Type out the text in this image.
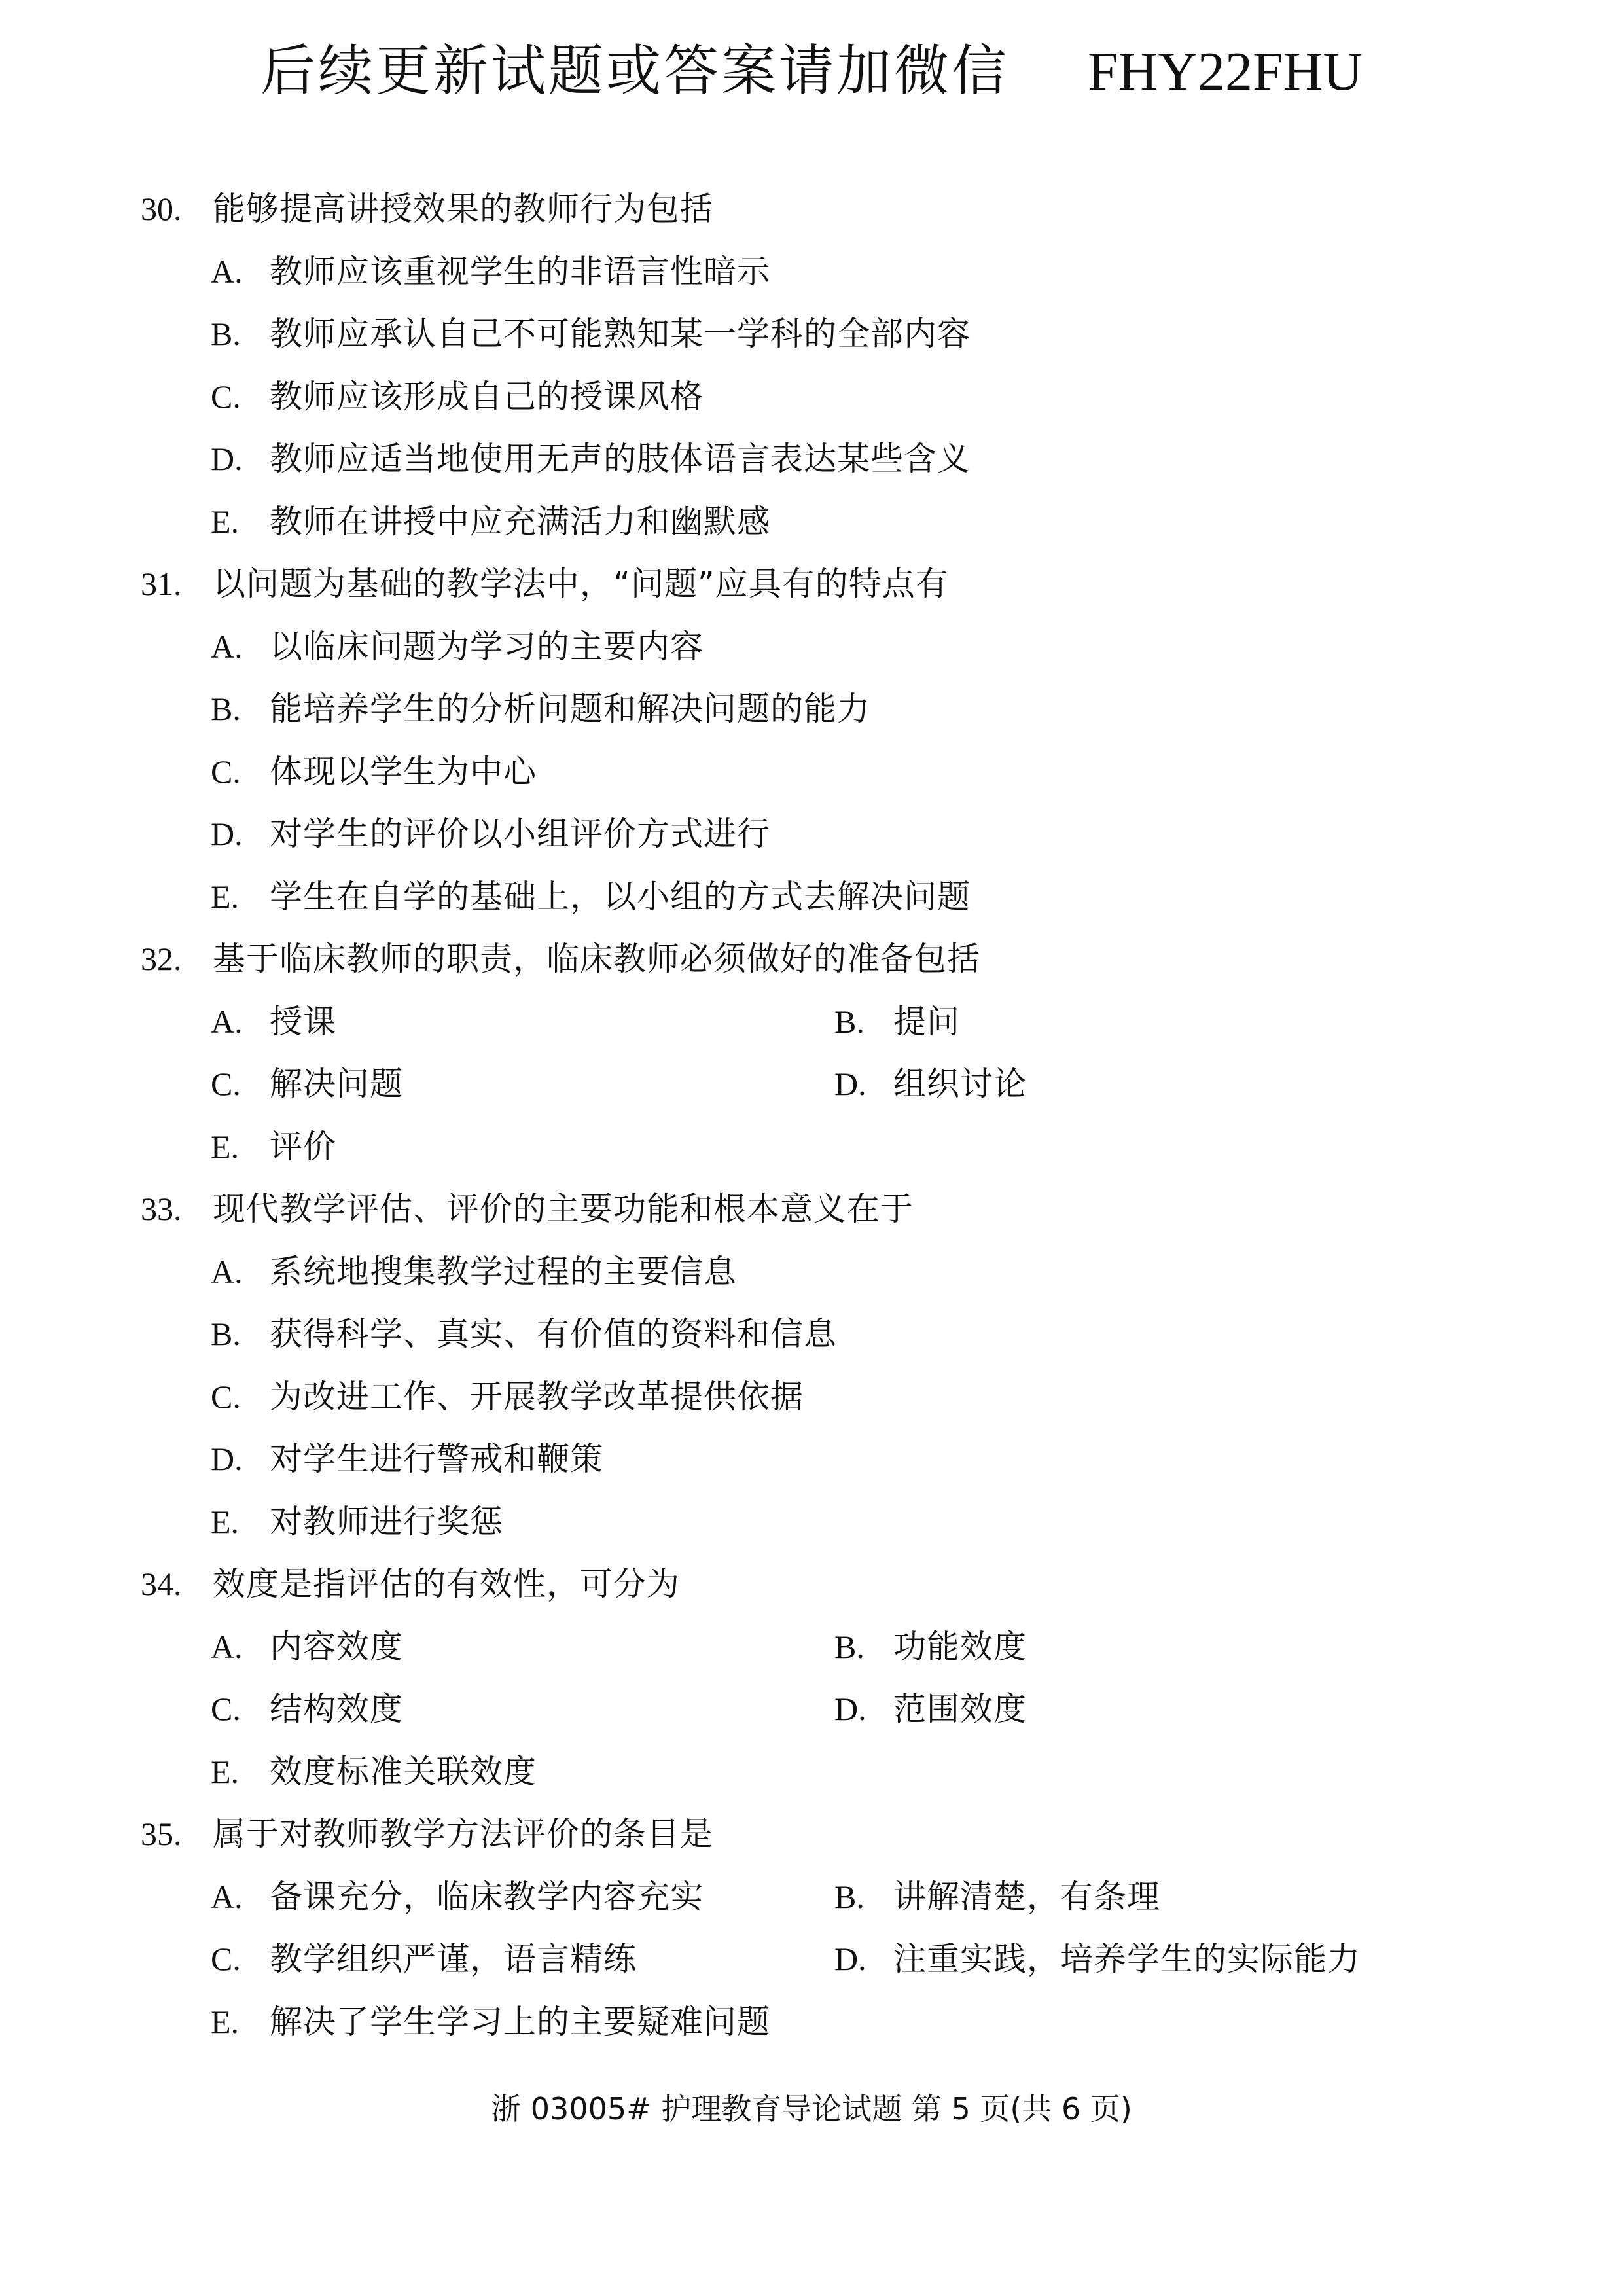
后续更新试题或答案请加微信 FHY22FHU
30. 能够提高讲授效果的教师行为包括
A. 教师应该重视学生的非语言性暗示
B. 教师应承认自己不可能熟知某一学科的全部内容
C. 教师应该形成自己的授课风格
D. 教师应适当地使用无声的肢体语言表达某些含义
E. 教师在讲授中应充满活力和幽默感
31. 以问题为基础的教学法中，“问题”应具有的特点有
A. 以临床问题为学习的主要内容
B. 能培养学生的分析问题和解决问题的能力
C. 体现以学生为中心
D. 对学生的评价以小组评价方式进行
E. 学生在自学的基础上，以小组的方式去解决问题
32. 基于临床教师的职责，临床教师必须做好的准备包括
A. 授课	B. 提问
C. 解决问题	D. 组织讨论
E. 评价
33. 现代教学评估、评价的主要功能和根本意义在于
A. 系统地搜集教学过程的主要信息
B. 获得科学、真实、有价值的资料和信息
C. 为改进工作、开展教学改革提供依据
D. 对学生进行警戒和鞭策
E. 对教师进行奖惩
34. 效度是指评估的有效性，可分为
A. 内容效度	B. 功能效度
C. 结构效度	D. 范围效度
E. 效度标准关联效度
35. 属于对教师教学方法评价的条目是
A. 备课充分，临床教学内容充实	B. 讲解清楚，有条理
C. 教学组织严谨，语言精练	D. 注重实践，培养学生的实际能力
E. 解决了学生学习上的主要疑难问题
浙 03005# 护理教育导论试题 第 5 页(共 6 页)
